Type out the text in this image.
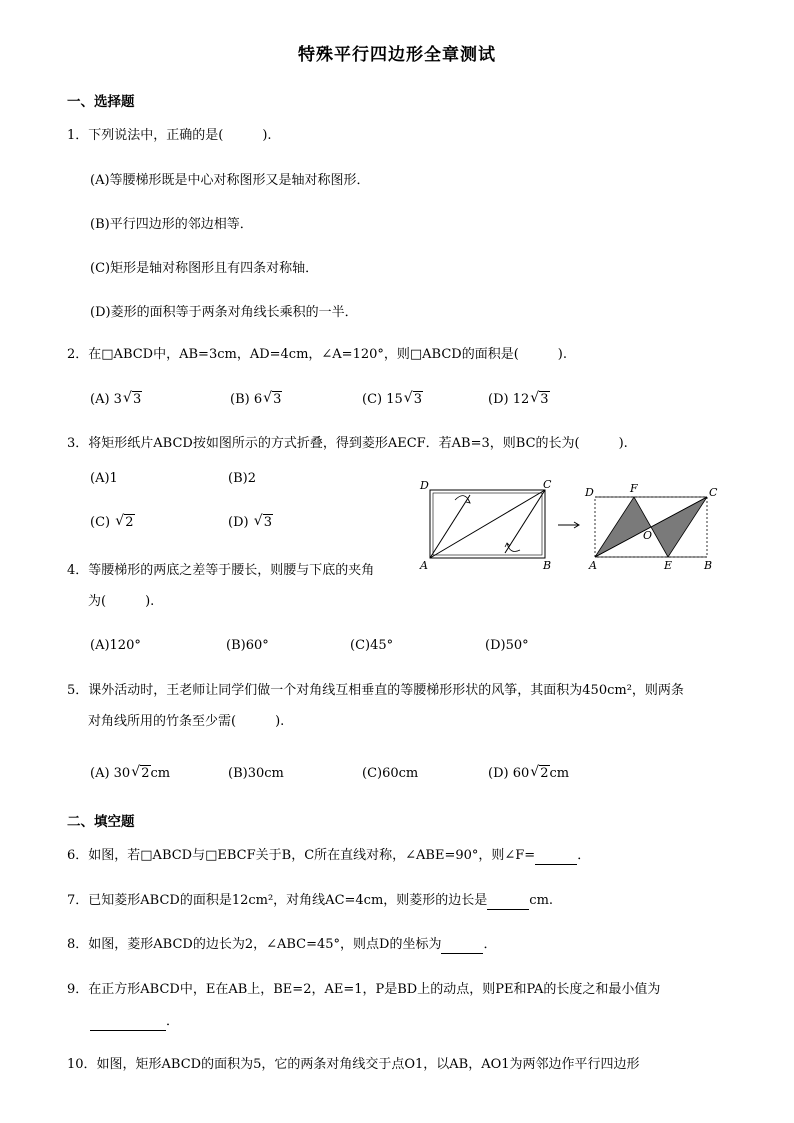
特殊平行四边形全章测试
一、选择题
1．下列说法中，正确的是(　　　).
(A)等腰梯形既是中心对称图形又是轴对称图形．
(B)平行四边形的邻边相等．
(C)矩形是轴对称图形且有四条对称轴．
(D)菱形的面积等于两条对角线长乘积的一半．
2．在□ABCD中，AB=3cm，AD=4cm，∠A=120°，则□ABCD的面积是(　　　).
(A) 3 √ 3	(B) 6 √ 3	(C) 15 √ 3	(D) 12 √ 3
3．将矩形纸片ABCD按如图所示的方式折叠，得到菱形AECF．若AB=3，则BC的长为(　　　).
(A)1	(B)2
(C) √ 2	(D) √ 3
D	C
A	B
D	F	C
O
A	E	B
4．等腰梯形的两底之差等于腰长，则腰与下底的夹角
为(　　　).
(A)120°	(B)60°	(C)45°	(D)50°
5．课外活动时，王老师让同学们做一个对角线互相垂直的等腰梯形形状的风筝，其面积为450cm²，则两条
对角线所用的竹条至少需(　　　).
(A) 30 √ 2cm	(B)30cm	(C)60cm	(D) 60 √ 2cm
二、填空题
6．如图，若□ABCD与□EBCF关于B，C所在直线对称，∠ABE=90°，则∠F=	．
7．已知菱形ABCD的面积是12cm²，对角线AC=4cm，则菱形的边长是	cm.
8．如图，菱形ABCD的边长为2，∠ABC=45°，则点D的坐标为	．
9．在正方形ABCD中，E在AB上，BE=2，AE=1，P是BD上的动点，则PE和PA的长度之和最小值为
．
10．如图，矩形ABCD的面积为5，它的两条对角线交于点O1，以AB，AO1为两邻边作平行四边形
